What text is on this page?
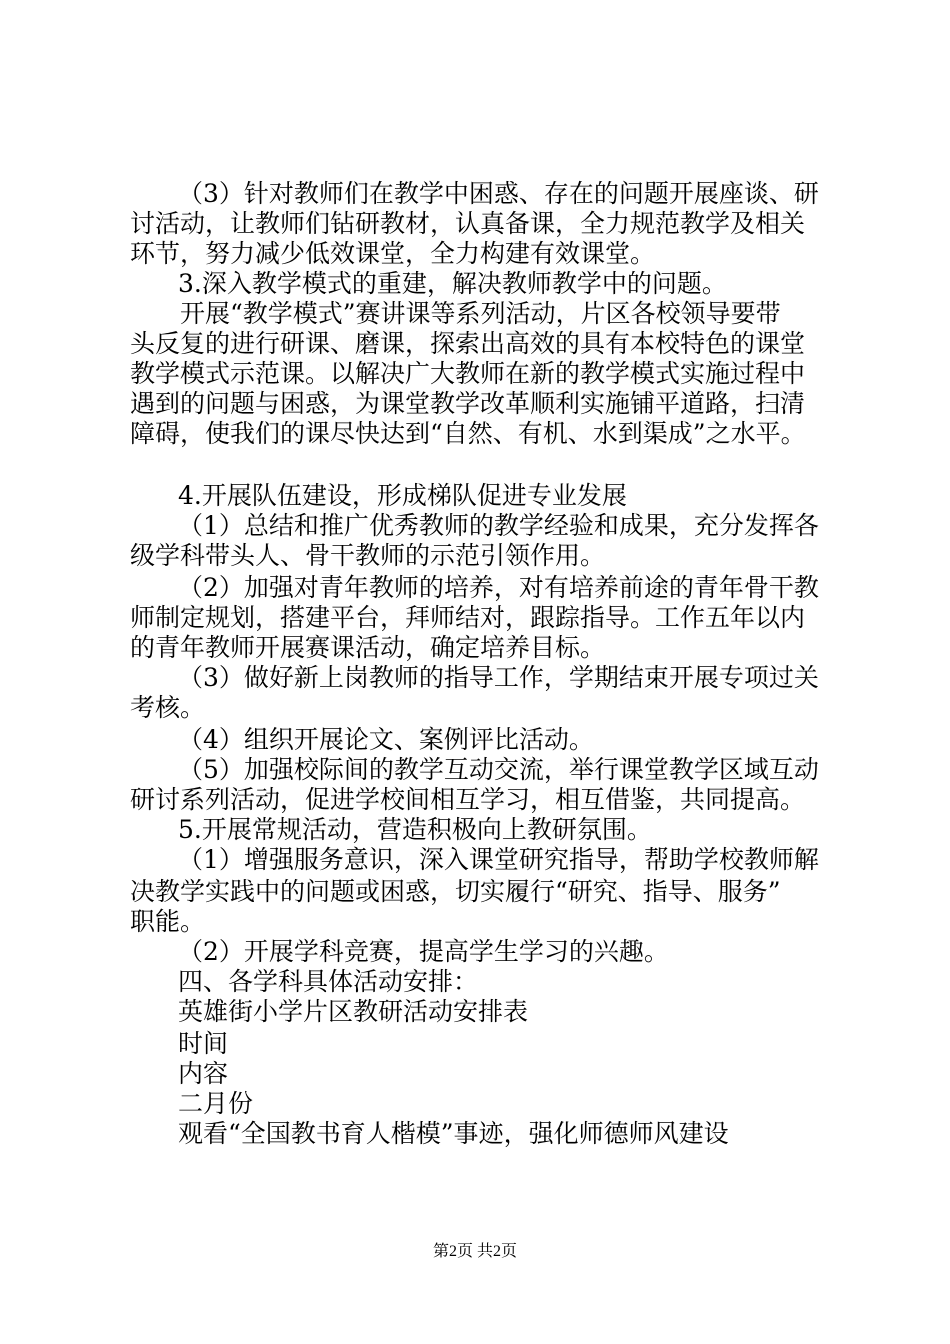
（3）针对教师们在教学中困惑、存在的问题开展座谈、研
讨活动，让教师们钻研教材，认真备课，全力规范教学及相关
环节，努力减少低效课堂，全力构建有效课堂。
3.深入教学模式的重建，解决教师教学中的问题。
开展“教学模式”赛讲课等系列活动，片区各校领导要带
头反复的进行研课、磨课，探索出高效的具有本校特色的课堂
教学模式示范课。以解决广大教师在新的教学模式实施过程中
遇到的问题与困惑，为课堂教学改革顺利实施铺平道路，扫清
障碍，使我们的课尽快达到“自然、有机、水到渠成”之水平。
4.开展队伍建设，形成梯队促进专业发展
（1）总结和推广优秀教师的教学经验和成果，充分发挥各
级学科带头人、骨干教师的示范引领作用。
（2）加强对青年教师的培养，对有培养前途的青年骨干教
师制定规划，搭建平台，拜师结对，跟踪指导。工作五年以内
的青年教师开展赛课活动，确定培养目标。
（3）做好新上岗教师的指导工作，学期结束开展专项过关
考核。
（4）组织开展论文、案例评比活动。
（5）加强校际间的教学互动交流，举行课堂教学区域互动
研讨系列活动，促进学校间相互学习，相互借鉴，共同提高。
5.开展常规活动，营造积极向上教研氛围。
（1）增强服务意识，深入课堂研究指导，帮助学校教师解
决教学实践中的问题或困惑，切实履行“研究、指导、服务”
职能。
（2）开展学科竞赛，提高学生学习的兴趣。
四、各学科具体活动安排：
英雄街小学片区教研活动安排表
时间
内容
二月份
观看“全国教书育人楷模”事迹，强化师德师风建设
第2页 共2页
